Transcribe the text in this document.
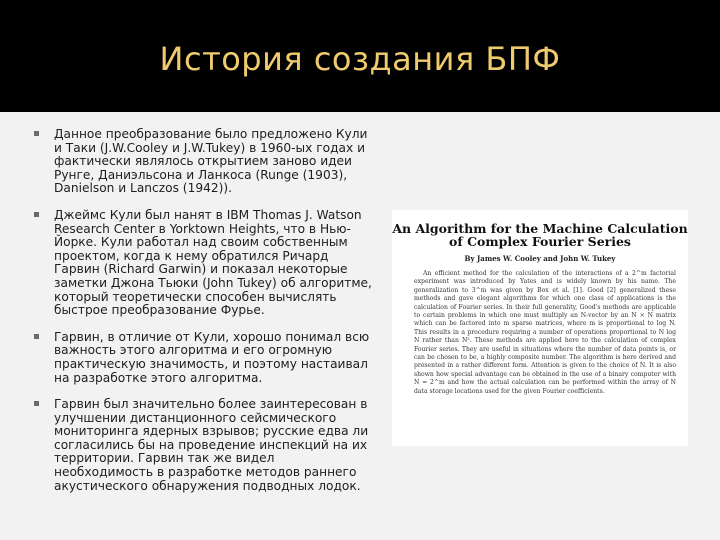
История создания БПФ
Данное преобразование было предложено Кули и Таки (J.W.Cooley и J.W.Tukey) в 1960-ых годах и фактически являлось открытием заново идеи Рунге, Даниэльсона и Ланкоса (Runge (1903), Danielson и Lanczos (1942)).
Джеймс Кули был нанят в IBM Thomas J. Watson Research Center в Yorktown Heights, что в Нью-Йорке. Кули работал над своим собственным проектом, когда к нему обратился Ричард Гарвин (Richard Garwin) и показал некоторые заметки Джона Тьюки (John Tukey) об алгоритме, который теоретически способен вычислять быстрое преобразование Фурье.
Гарвин, в отличие от Кули, хорошо понимал всю важность этого алгоритма и его огромную практическую значимость, и поэтому настаивал на разработке этого алгоритма.
Гарвин был значительно более заинтересован в улучшении дистанционного сейсмического мониторинга ядерных взрывов; русские едва ли согласились бы на проведение инспекций на их территории. Гарвин так же видел необходимость в разработке методов раннего акустического обнаружения подводных лодок.
An Algorithm for the Machine Calculation of Complex Fourier Series
By James W. Cooley and John W. Tukey
An efficient method for the calculation of the interactions of a 2^m factorial experiment was introduced by Yates and is widely known by his name. The generalization to 3^m was given by Box et al. [1]. Good [2] generalized these methods and gave elegant algorithms for which one class of applications is the calculation of Fourier series. In their full generality, Good's methods are applicable to certain problems in which one must multiply an N-vector by an N × N matrix which can be factored into m sparse matrices, where m is proportional to log N. This results in a procedure requiring a number of operations proportional to N log N rather than N². These methods are applied here to the calculation of complex Fourier series. They are useful in situations where the number of data points is, or can be chosen to be, a highly composite number. The algorithm is here derived and presented in a rather different form. Attention is given to the choice of N. It is also shown how special advantage can be obtained in the use of a binary computer with N = 2^m and how the actual calculation can be performed within the array of N data storage locations used for the given Fourier coefficients.
